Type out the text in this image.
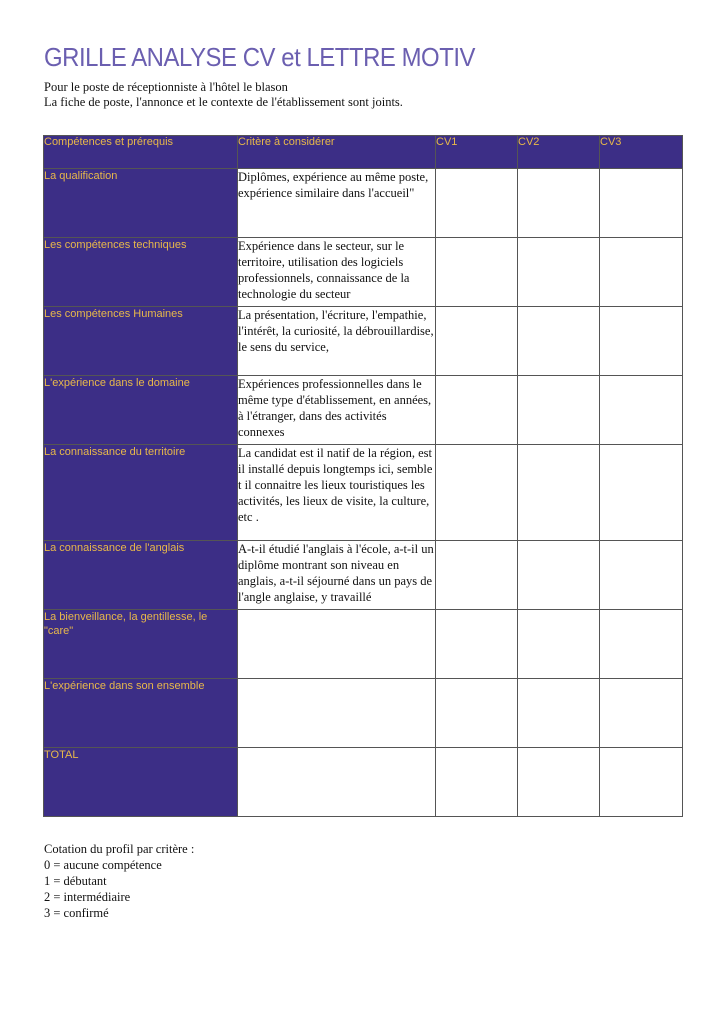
GRILLE ANALYSE CV et LETTRE MOTIV
Pour le poste de réceptionniste à l'hôtel le blason
La fiche de poste, l'annonce et le contexte de l'établissement sont joints.
Compétences et prérequis	Critère à considérer	CV1	CV2	CV3
La qualification	Diplômes, expérience au même poste, expérience similaire dans l'accueil"			
Les compétences techniques	Expérience dans le secteur, sur le territoire, utilisation des logiciels professionnels, connaissance de la technologie du secteur			
Les compétences Humaines	La présentation, l'écriture, l'empathie, l'intérêt, la curiosité, la débrouillardise, le sens du service,			
L'expérience dans le domaine	Expériences professionnelles dans le même type d'établissement, en années, à l'étranger, dans des activités connexes			
La connaissance du territoire	La candidat est il natif de la région, est il installé depuis longtemps ici, semble t il connaitre les lieux touristiques les activités, les lieux de visite, la culture, etc .			
La connaissance de l'anglais	A-t-il étudié l'anglais à l'école, a-t-il un diplôme montrant son niveau en anglais, a-t-il séjourné dans un pays de l'angle anglaise, y travaillé			
La bienveillance, la gentillesse, le "care"				
L'expérience dans son ensemble				
TOTAL				
Cotation du profil par critère :
0 = aucune compétence
1 = débutant
2 = intermédiaire
3 = confirmé
